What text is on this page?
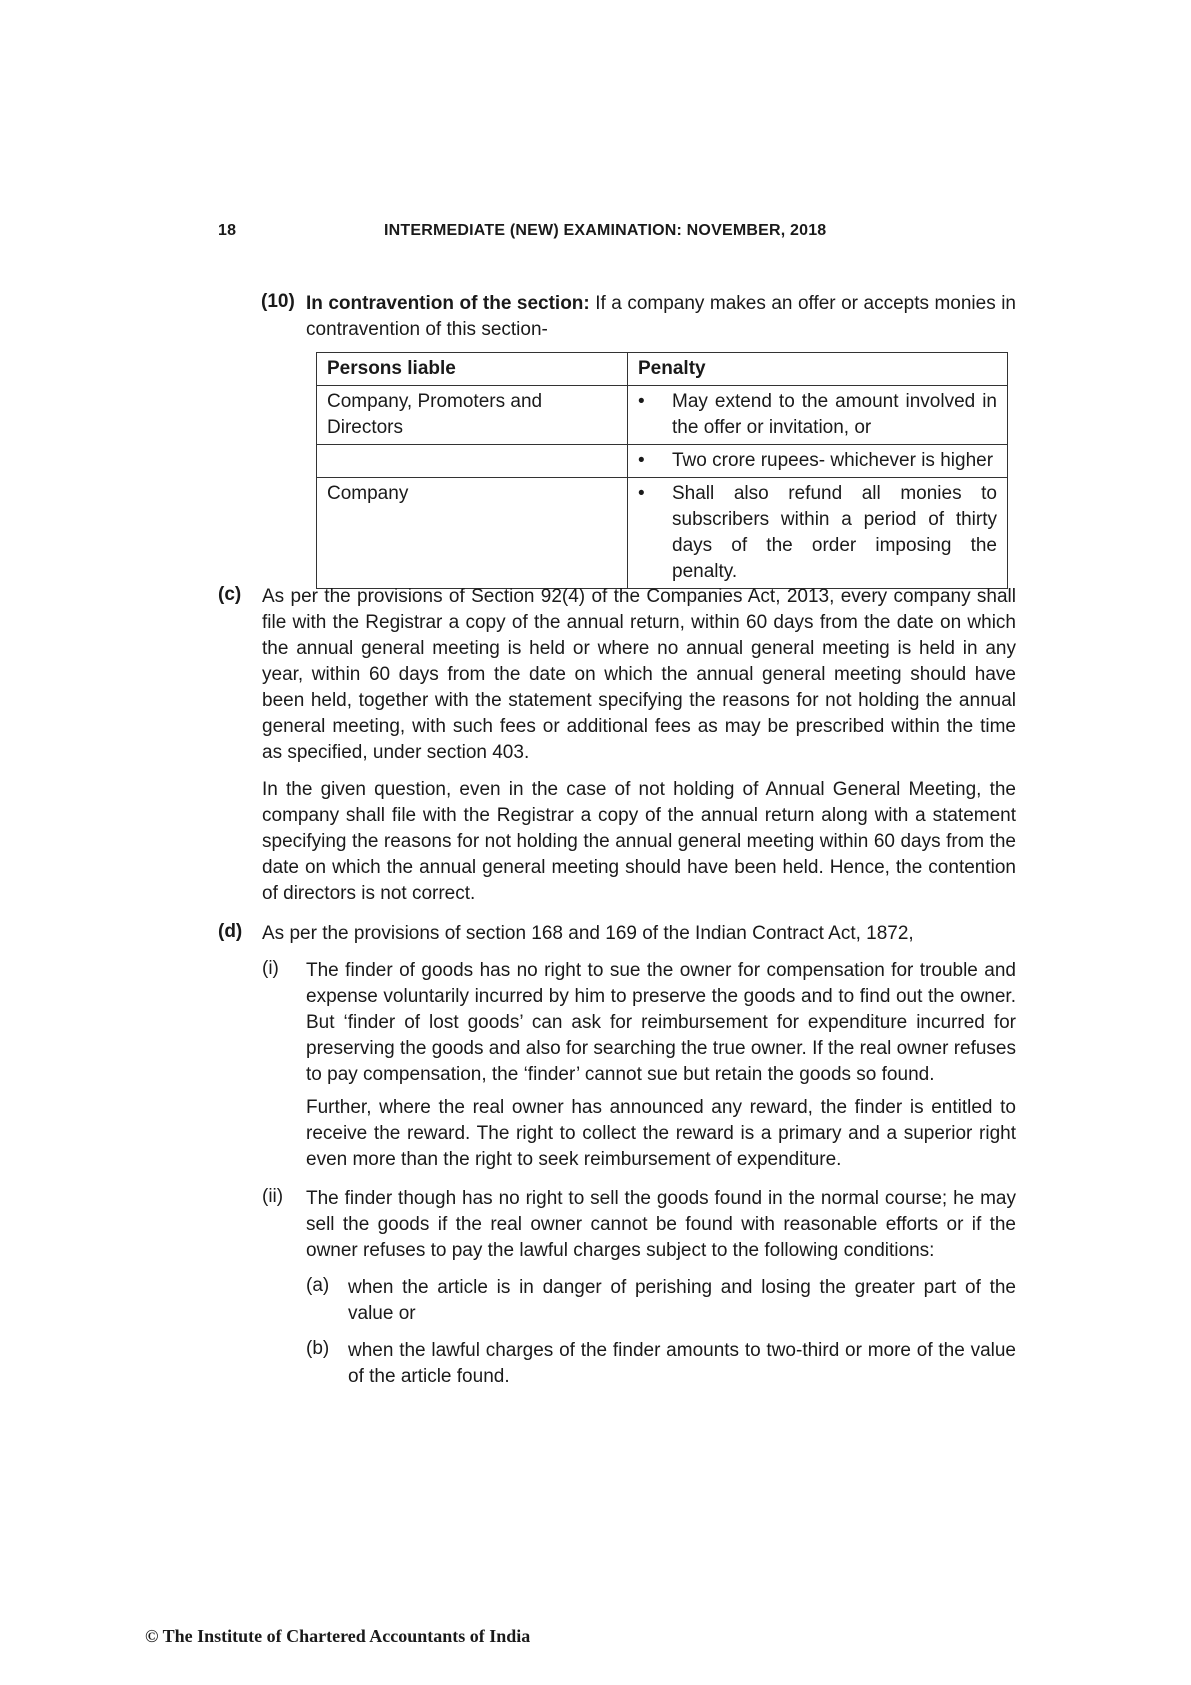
18	INTERMEDIATE (NEW) EXAMINATION: NOVEMBER, 2018
(10) In contravention of the section: If a company makes an offer or accepts monies in contravention of this section-
Persons liable	Penalty
Company, Promoters and Directors	• May extend to the amount involved in the offer or invitation, or

	• Two crore rupees- whichever is higher

Company	• Shall also refund all monies to subscribers within a period of thirty days of the order imposing the penalty.
(c) As per the provisions of Section 92(4) of the Companies Act, 2013, every company shall file with the Registrar a copy of the annual return, within 60 days from the date on which the annual general meeting is held or where no annual general meeting is held in any year, within 60 days from the date on which the annual general meeting should have been held, together with the statement specifying the reasons for not holding the annual general meeting, with such fees or additional fees as may be prescribed within the time as specified, under section 403.
In the given question, even in the case of not holding of Annual General Meeting, the company shall file with the Registrar a copy of the annual return along with a statement specifying the reasons for not holding the annual general meeting within 60 days from the date on which the annual general meeting should have been held. Hence, the contention of directors is not correct.
(d) As per the provisions of section 168 and 169 of the Indian Contract Act, 1872,
(i) The finder of goods has no right to sue the owner for compensation for trouble and expense voluntarily incurred by him to preserve the goods and to find out the owner. But ‘finder of lost goods’ can ask for reimbursement for expenditure incurred for preserving the goods and also for searching the true owner. If the real owner refuses to pay compensation, the ‘finder’ cannot sue but retain the goods so found.
Further, where the real owner has announced any reward, the finder is entitled to receive the reward. The right to collect the reward is a primary and a superior right even more than the right to seek reimbursement of expenditure.
(ii) The finder though has no right to sell the goods found in the normal course; he may sell the goods if the real owner cannot be found with reasonable efforts or if the owner refuses to pay the lawful charges subject to the following conditions:
(a) when the article is in danger of perishing and losing the greater part of the value or
(b) when the lawful charges of the finder amounts to two-third or more of the value of the article found.
© The Institute of Chartered Accountants of India
